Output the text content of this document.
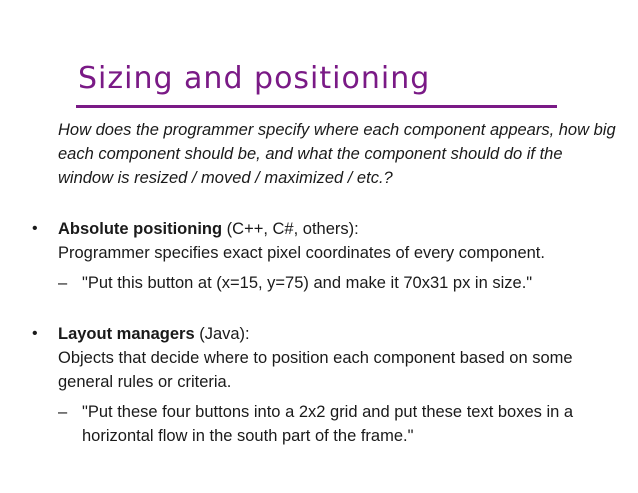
Sizing and positioning
How does the programmer specify where each component appears, how big each component should be, and what the component should do if the window is resized / moved / maximized / etc.?
•	Absolute positioning (C++, C#, others):
Programmer specifies exact pixel coordinates of every component.
– "Put this button at (x=15, y=75) and make it 70x31 px in size."
•	Layout managers (Java):
Objects that decide where to position each component based on some general rules or criteria.
– "Put these four buttons into a 2x2 grid and put these text boxes in a horizontal flow in the south part of the frame."
